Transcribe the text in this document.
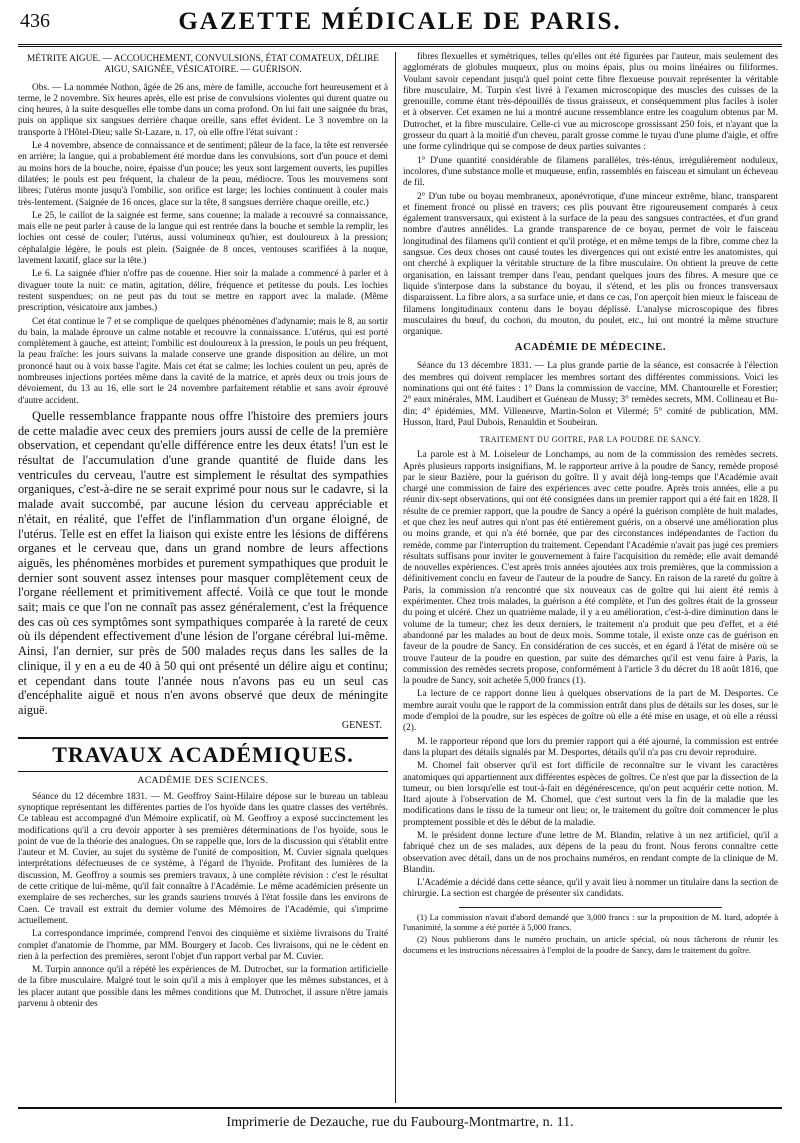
436	GAZETTE MÉDICALE DE PARIS.
MÉTRITE AIGUE. — ACCOUCHEMENT, CONVULSIONS, ÉTAT COMATEUX, DÉLIRE AIGU, SAIGNÉE, VÉSICATOIRE. — GUÉRISON.

Obs. — La nommée Nothon, âgée de 26 ans, mère de famille, accouche fort heureusement et à terme, le 2 novembre. Six heures après, elle est prise de convulsions violentes qui durent quatre ou cinq heures, à la suite desquelles elle tombe dans un coma profond. On lui fait une saignée du bras, puis on applique six sangsues derrière chaque oreille, sans effet évident. Le 3 novembre on la transporte à l'Hôtel-Dieu; salle St-Lazare, n. 17, où elle offre l'état suivant :

Le 4 novembre, absence de connaissance et de sentiment; pâleur de la face, la tête est renversée en arrière; la langue, qui a probablement été mordue dans les convulsions, sort d'un pouce et demi au moins hors de la bouche, noire, épaisse d'un pouce; les yeux sont largement ouverts, les pupilles dilatées; le pouls est peu fréquent, la chaleur de la peau, médiocre. Tous les mouvemens sont libres; l'utérus monte jusqu'à l'ombilic, son orifice est large; les lochies continuent à couler mais très-lentement. (Saignée de 16 onces, glace sur la tête, 8 sangsues derrière chaque oreille, etc.)

Le 25, le caillot de la saignée est ferme, sans couenne; la malade a recouvré sa connaissance, mais elle ne peut parler à cause de la langue qui est rentrée dans la bouche et semble la remplir, les lochies ont cessé de couler; l'utérus, aussi volumineux qu'hier, est douloureux à la pression; céphalalgie légère, le pouls est plein. (Saignée de 8 onces, ventouses scarifiées à la nuque, lavement laxatif, glace sur la tête.)

Le 6. La saignée d'hier n'offre pas de couenne. Hier soir la malade a commencé à parler et à divaguer toute la nuit: ce matin, agitation, délire, fréquence et petitesse du pouls. Les lochies restent suspendues; on ne peut pas du tout se mettre en rapport avec la malade. (Même prescription, vésicatoire aux jambes.)

Cet état continue le 7 et se complique de quelques phénomènes d'adynamie; mais le 8, au sortir du bain, la malade éprouve un calme notable et recouvre la connaissance. L'utérus, qui est porté complètement à gauche, est atteint; l'ombilic est douloureux à la pression, le pouls un peu fréquent, la peau fraîche: les jours suivans la malade conserve une grande disposition au délire, un mot prononcé haut ou à voix basse l'agite. Mais cet état se calme; les lochies coulent un peu, après de nombreuses injections portées même dans la cavité de la matrice, et après deux ou trois jours de dévoiement, du 13 au 16, elle sort le 24 novembre parfaitement rétablie et sans avoir éprouvé d'autre accident.

Quelle ressemblance frappante nous offre l'histoire des premiers jours de cette maladie avec ceux des premiers jours aussi de celle de la première observation, et cependant qu'elle différence entre les deux états! l'un est le résultat de l'accumulation d'une grande quantité de fluide dans les ventricules du cerveau, l'autre est simplement le résultat des sympathies organiques, c'est-à-dire ne se serait exprimé pour nous sur le cadavre, si la malade avait succombé, par aucune lésion du cerveau appréciable et n'était, en réalité, que l'effet de l'inflammation d'un organe éloigné, de l'utérus. Telle est en effet la liaison qui existe entre les lésions de différens organes et le cerveau que, dans un grand nombre de leurs affections aiguës, les phénomènes morbides et purement sympathiques que produit le dernier sont souvent assez intenses pour masquer complètement ceux de l'organe réellement et primitivement affecté. Voilà ce que tout le monde sait; mais ce que l'on ne connaît pas assez généralement, c'est la fréquence des cas où ces symptômes sont sympathiques comparée à la rareté de ceux où ils dépendent effectivement d'une lésion de l'organe cérébral lui-même. Ainsi, l'an dernier, sur près de 500 malades reçus dans les salles de la clinique, il y en a eu de 40 à 50 qui ont présenté un délire aigu et continu; et cependant dans toute l'année nous n'avons pas eu un seul cas d'encéphalite aiguë et nous n'en avons observé que deux de méningite aiguë.

GENEST.
TRAVAUX ACADÉMIQUES.
ACADÉMIE DES SCIENCES.

Séance du 12 décembre 1831. — M. Geoffroy Saint-Hilaire dépose sur le bureau un tableau synoptique représentant les différentes parties de l'os hyoïde dans les quatre classes des vertébrés. Ce tableau est accompagné d'un Mémoire explicatif, où M. Geoffroy a exposé succinctement les modifications qu'il a cru devoir apporter à ses premières déterminations de l'os hyoïde, sous le point de vue de la théorie des analogues. On se rappelle que, lors de la discussion qui s'établit entre l'auteur et M. Cuvier, au sujet du système de l'unité de composition, M. Cuvier signala quelques interprétations défectueuses de ce système, à l'égard de l'hyoïde. Profitant des lumières de la discussion, M. Geoffroy a soumis ses premiers travaux, à une complète révision : c'est le résultat de cette critique de lui-même, qu'il fait connaître à l'Académie. Le même académicien présente un exemplaire de ses recherches, sur les grands sauriens trouvés à l'état fossile dans les environs de Caen. Ce travail est extrait du dernier volume des Mémoires de l'Académie, qui s'imprime actuellement.

La correspondance imprimée, comprend l'envoi des cinquième et sixième livraisons du Traité complet d'anatomie de l'homme, par MM. Bourgery et Jacob. Ces livraisons, qui ne le cèdent en rien à la perfection des premières, seront l'objet d'un rapport verbal par M. Cuvier.

M. Turpin annonce qu'il a répété les expériences de M. Dutrochet, sur la formation artificielle de la fibre musculaire. Malgré tout le soin qu'il a mis à employer que les mêmes substances, et à les placer autant que possible dans les mêmes conditions que M. Dutrochet, il assure n'être jamais parvenu à obtenir des

fibres flexuelles et symétriques, telles qu'elles ont été figurées par l'auteur, mais seulement des agglomérats de globules muqueux, plus ou moins épais, plus ou moins linéaires ou filiformes. Voulant savoir cependant jusqu'à quel point cette fibre flexueuse pouvait représenter la véritable fibre musculaire, M. Turpin s'est livré à l'examen microscopique des muscles des cuisses de la grenouille, comme étant très-dépouillés de tissus graisseux, et conséquemment plus faciles à isoler et à observer. Cet examen ne lui a montré aucune ressemblance entre les coagulum obtenus par M. Dutrochet, et la fibre musculaire. Celle-ci vue au microscope grossissant 250 fois, et n'ayant que la grosseur du quart à la moitié d'un cheveu, paraît grosse comme le tuyau d'une plume d'aigle, et offre une forme cylindrique qui se compose de deux parties suivantes :

1° D'une quantité considérable de filamens parallèles, très-ténus, irrégulièrement noduleux, incolores, d'une substance molle et muqueuse, enfin, rassemblés en faisceau et simulant un écheveau de fil.

2° D'un tube ou boyau membraneux, aponévrotique, d'une minceur extrême, blanc, transparent et finement froncé ou plissé en travers; ces plis pouvant être rigoureusement comparés à ceux également transversaux, qui existent à la surface de la peau des sangsues contractées, et d'un grand nombre d'autres annélides. La grande transparence de ce boyau, permet de voir le faisceau longitudinal des filamens qu'il contient et qu'il protège, et en même temps de la fibre, comme chez la sangsue. Ces deux choses ont causé toutes les divergences qui ont existé entre les anatomistes, qui ont cherché à expliquer la véritable structure de la fibre musculaire. On obtient la preuve de cette organisation, en laissant tremper dans l'eau, pendant quelques jours des fibres. A mesure que ce liquide s'interpose dans la substance du boyau, il s'étend, et les plis ou fronces transversaux disparaissent. La fibre alors, a sa surface unie, et dans ce cas, l'on aperçoit bien mieux le faisceau de filamens longitudinaux contenu dans le boyau déplissé. L'analyse microscopique des fibres musculaires du bœuf, du cochon, du mouton, du poulet, etc., lui ont montré la même structure organique.

ACADÉMIE DE MÉDECINE.

Séance du 13 décembre 1831. — La plus grande partie de la séance, est consacrée à l'élection des membres qui doivent remplacer les membres sortant des différentes commissions. Voici les nominations qui ont été faites : 1° Dans la commission de vaccine, MM. Chantourelle et Forestier; 2° eaux minérales, MM. Laudibert et Guéneau de Mussy; 3° remèdes secrets, MM. Collineau et Bu-din; 4° épidémies, MM. Villeneuve, Martin-Solon et Vilermé; 5° comité de publication, MM. Husson, Itard, Paul Dubois, Renauldin et Soubeiran.

TRAITEMENT DU GOITRE, PAR LA POUDRE DE SANCY.

La parole est à M. Loiseleur de Lonchamps, au nom de la commission des remèdes secrets. Après plusieurs rapports insignifians, M. le rapporteur arrive à la poudre de Sancy, remède proposé par le sieur Bazière, pour la guérison du goître. Il y avait déjà long-temps que l'Académie avait chargé une commission de faire des expériences avec cette poudre. Après trois années, elle a pu réunir dix-sept observations, qui ont été consignées dans un premier rapport qui a été fait en 1828. Il résulte de ce premier rapport, que la poudre de Sancy a opéré la guérison complète de huit malades, et que chez les neuf autres qui n'ont pas été entièrement guéris, on a observé une amélioration plus ou moins grande, et qui n'a été bornée, que par des circonstances indépendantes de l'action du remède, comme par l'interruption du traitement. Cependant l'Académie n'avait pas jugé ces premiers résultats suffisans pour inviter le gouvernement à faire l'acquisition du remède; elle avait demandé de nouvelles expériences. C'est après trois années ajoutées aux trois premières, que la commission a définitivement conclu en faveur de l'auteur de la poudre de Sancy. En raison de la rareté du goître à Paris, la commission n'a rencontré que six nouveaux cas de goître qui lui aient été remis à expérimenter. Chez trois malades, la guérison a été complète, et l'un des goîtres était de la grosseur du poing et ulcéré. Chez un quatrième malade, il y a eu amélioration, c'est-à-dire diminution dans le volume de la tumeur; chez les deux derniers, le traitement n'a produit que peu d'effet, et a été abandonné par les malades au bout de deux mois. Somme totale, il existe onze cas de guérison en faveur de la poudre de Sancy. En considération de ces succès, et en égard à l'état de misère où se trouve l'auteur de la poudre en question, par suite des démarches qu'il est venu faire à Paris, la commission des remèdes secrets propose, conformément à l'article 3 du décret du 18 août 1816, que la poudre de Sancy, soit achetée 5,000 francs (1).

La lecture de ce rapport donne lieu à quelques observations de la part de M. Desportes. Ce membre aurait voulu que le rapport de la commission entrât dans plus de détails sur les doses, sur le mode d'emploi de la poudre, sur les espèces de goître où elle a été mise en usage, et où elle a réussi (2).

M. le rapporteur répond que lors du premier rapport qui a été ajourné, la commission est entrée dans la plupart des détails signalés par M. Desportes, détails qu'il n'a pas cru devoir reproduire.

M. Chomel fait observer qu'il est fort difficile de reconnaître sur le vivant les caractères anatomiques qui appartiennent aux différentes espèces de goîtres. Ce n'est que par la dissection de la tumeur, ou bien lorsqu'elle est tout-à-fait en dégénérescence, qu'on peut acquérir cette notion. M. Itard ajoute à l'observation de M. Chomel, que c'est surtout vers la fin de la maladie que les modifications dans le tissu de la tumeur ont lieu; or, le traitement du goître doit commencer le plus promptement possible et dès le début de la maladie.

M. le président donne lecture d'une lettre de M. Blandin, relative à un nez artificiel, qu'il a fabriqué chez un de ses malades, aux dépens de la peau du front. Nous ferons connaître cette observation avec détail, dans un de nos prochains numéros, en rendant compte de la clinique de M. Blandin.

L'Académie a décidé dans cette séance, qu'il y avait lieu à nommer un titulaire dans la section de chirurgie. La section est chargée de présenter six candidats.

(1) La commission n'avait d'abord demandé que 3,000 francs : sur la proposition de M. Itard, adoptée à l'unanimité, la somme a été portée à 5,000 francs.

(2) Nous publierons dans le numéro prochain, un article spécial, où nous tâcherons de réunir les documens et les instructions nécessaires à l'emploi de la poudre de Sancy, dans le traitement du goître.

Imprimerie de Dezauche, rue du Faubourg-Montmartre, n. 11.
